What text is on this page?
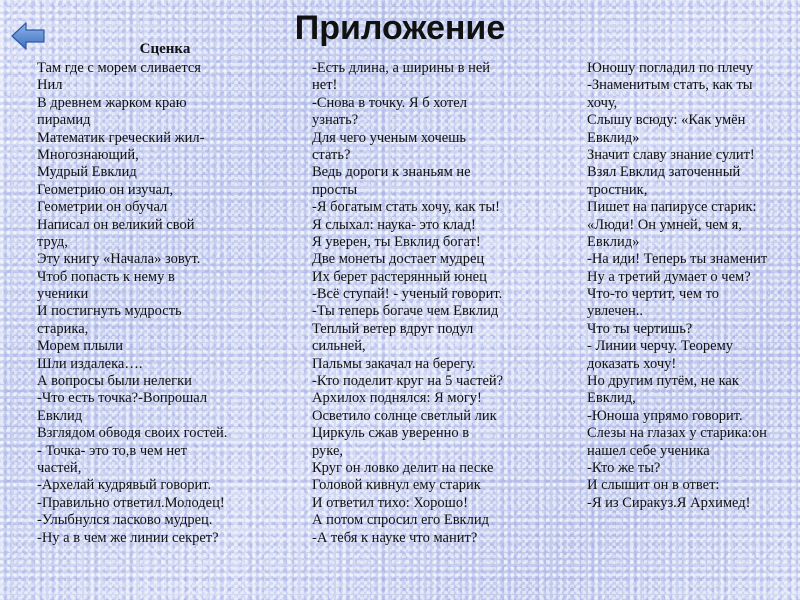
Приложение
Сценка
Там где с морем сливается
Нил
В древнем жарком краю
пирамид
Математик греческий жил-
Многознающий,
Мудрый Евклид
Геометрию он изучал,
Геометрии он обучал
Написал он великий свой
труд,
Эту книгу «Начала» зовут.
Чтоб попасть к нему в
ученики
И постигнуть мудрость
старика,
Морем плыли
Шли издалека….
А вопросы были нелегки
-Что есть точка?-Вопрошал
Евклид
Взглядом обводя своих гостей.
- Точка- это то,в чем нет
частей,
-Архелай кудрявый говорит.
-Правильно ответил.Молодец!
-Улыбнулся ласково мудрец.
-Ну а в чем же линии секрет?
-Есть длина, а ширины в ней
нет!
-Снова в точку. Я б хотел
узнать?
Для чего ученым хочешь
стать?
Ведь дороги к знаньям не
просты
-Я богатым стать хочу, как ты!
Я слыхал: наука- это клад!
Я уверен, ты Евклид богат!
Две монеты достает мудрец
Их берет растерянный юнец
-Всё ступай! - ученый говорит.
-Ты теперь богаче чем Евклид
Теплый ветер вдруг подул
сильней,
Пальмы закачал на берегу.
-Кто поделит круг на 5 частей?
Архилох поднялся: Я могу!
Осветило солнце светлый лик
Циркуль сжав уверенно в
руке,
Круг он ловко делит на песке
Головой кивнул ему старик
И ответил тихо: Хорошо!
А потом спросил его Евклид
-А тебя к науке что манит?
Юношу погладил по плечу
-Знаменитым стать, как ты
хочу,
Слышу всюду: «Как умён
Евклид»
Значит славу знание сулит!
Взял Евклид заточенный
тростник,
Пишет на папирусе старик:
«Люди! Он умней, чем я,
Евклид»
-На иди! Теперь ты знаменит
Ну а третий думает о чем?
Что-то чертит, чем то
увлечен..
Что ты чертишь?
- Линии черчу. Теорему
доказать хочу!
Но другим путём, не как
Евклид,
-Юноша упрямо говорит.
Слезы на глазах у старика:он
нашел себе ученика
-Кто же ты?
И слышит он в ответ:
-Я из Сиракуз.Я Архимед!
